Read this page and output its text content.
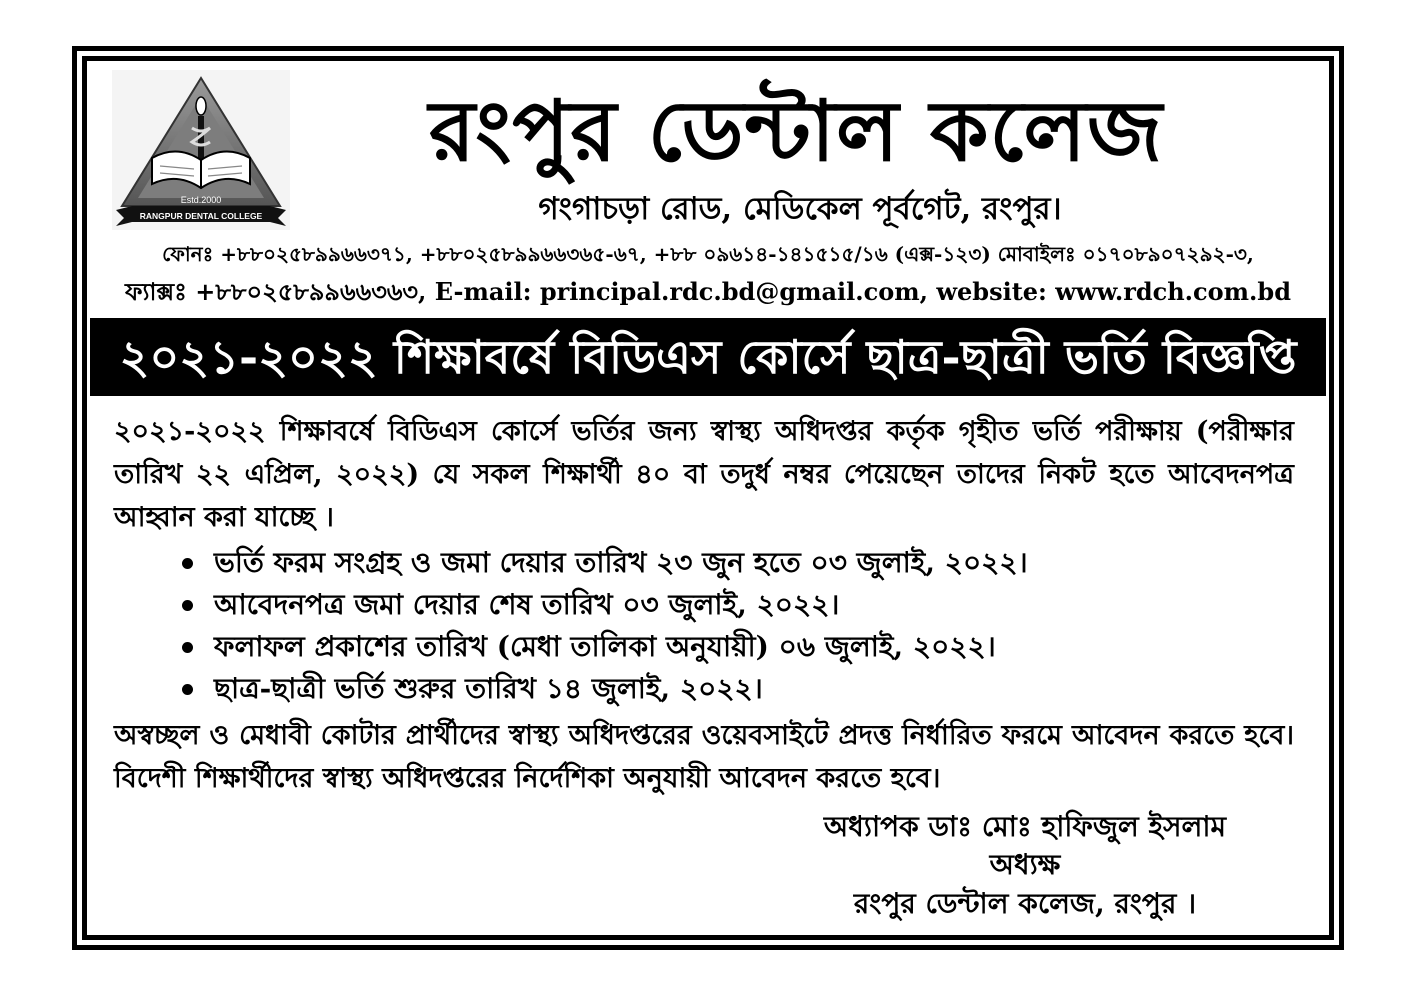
Estd.2000
RANGPUR DENTAL COLLEGE
রংপুর ডেন্টাল কলেজ
গংগাচড়া রোড, মেডিকেল পূর্বগেট, রংপুর।
ফোনঃ +৮৮০২৫৮৯৯৬৬৩৭১, +৮৮০২৫৮৯৯৬৬৩৬৫-৬৭, +৮৮ ০৯৬১৪-১৪১৫১৫/১৬ (এক্স-১২৩) মোবাইলঃ ০১৭০৮৯০৭২৯২-৩,
ফ্যাক্সঃ +৮৮০২৫৮৯৯৬৬৩৬৩, E-mail: principal.rdc.bd@gmail.com, website: www.rdch.com.bd
২০২১-২০২২ শিক্ষাবর্ষে বিডিএস কোর্সে ছাত্র-ছাত্রী ভর্তি বিজ্ঞপ্তি
২০২১-২০২২ শিক্ষাবর্ষে বিডিএস কোর্সে ভর্তির জন্য স্বাস্থ্য অধিদপ্তর কর্তৃক গৃহীত ভর্তি পরীক্ষায় (পরীক্ষার তারিখ ২২ এপ্রিল, ২০২২) যে সকল শিক্ষার্থী ৪০ বা তদুর্ধ নম্বর পেয়েছেন তাদের নিকট হতে আবেদনপত্র আহ্বান করা যাচ্ছে ।
ভর্তি ফরম সংগ্রহ ও জমা দেয়ার তারিখ ২৩ জুন হতে ০৩ জুলাই, ২০২২।
আবেদনপত্র জমা দেয়ার শেষ তারিখ ০৩ জুলাই, ২০২২।
ফলাফল প্রকাশের তারিখ (মেধা তালিকা অনুযায়ী) ০৬ জুলাই, ২০২২।
ছাত্র-ছাত্রী ভর্তি শুরুর তারিখ ১৪ জুলাই, ২০২২।
অস্বচ্ছল ও মেধাবী কোটার প্রার্থীদের স্বাস্থ্য অধিদপ্তরের ওয়েবসাইটে প্রদত্ত নির্ধারিত ফরমে আবেদন করতে হবে। বিদেশী শিক্ষার্থীদের স্বাস্থ্য অধিদপ্তরের নির্দেশিকা অনুযায়ী আবেদন করতে হবে।
অধ্যাপক ডাঃ মোঃ হাফিজুল ইসলাম
অধ্যক্ষ
রংপুর ডেন্টাল কলেজ, রংপুর ।
